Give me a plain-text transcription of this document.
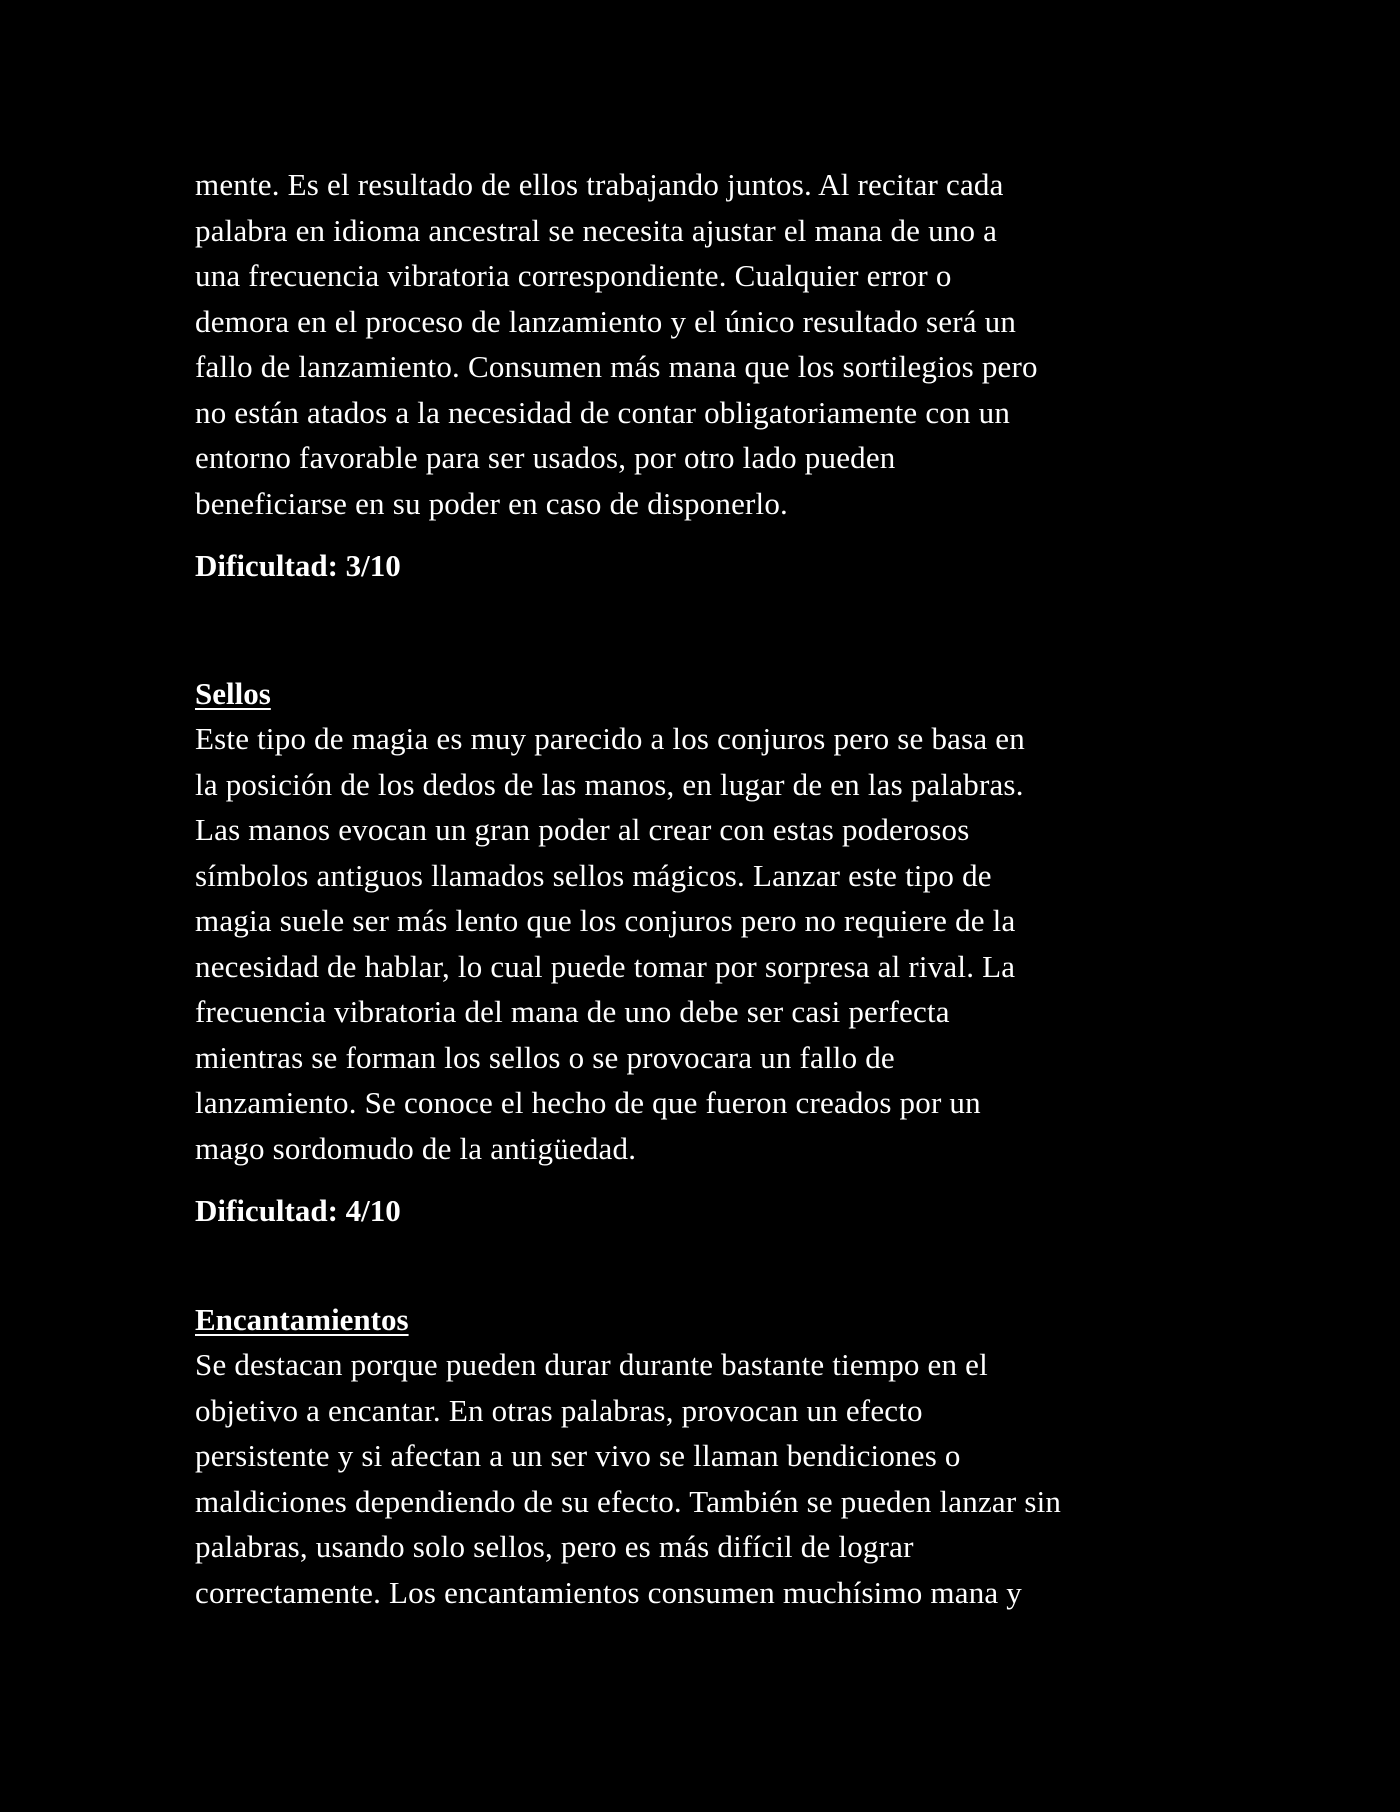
mente. Es el resultado de ellos trabajando juntos. Al recitar cada
palabra en idioma ancestral se necesita ajustar el mana de uno a
una frecuencia vibratoria correspondiente. Cualquier error o
demora en el proceso de lanzamiento y el único resultado será un
fallo de lanzamiento. Consumen más mana que los sortilegios pero
no están atados a la necesidad de contar obligatoriamente con un
entorno favorable para ser usados, por otro lado pueden
beneficiarse en su poder en caso de disponerlo.
Dificultad: 3/10
Sellos
Este tipo de magia es muy parecido a los conjuros pero se basa en
la posición de los dedos de las manos, en lugar de en las palabras.
Las manos evocan un gran poder al crear con estas poderosos
símbolos antiguos llamados sellos mágicos. Lanzar este tipo de
magia suele ser más lento que los conjuros pero no requiere de la
necesidad de hablar, lo cual puede tomar por sorpresa al rival. La
frecuencia vibratoria del mana de uno debe ser casi perfecta
mientras se forman los sellos o se provocara un fallo de
lanzamiento. Se conoce el hecho de que fueron creados por un
mago sordomudo de la antigüedad.
Dificultad: 4/10
Encantamientos
Se destacan porque pueden durar durante bastante tiempo en el
objetivo a encantar. En otras palabras, provocan un efecto
persistente y si afectan a un ser vivo se llaman bendiciones o
maldiciones dependiendo de su efecto. También se pueden lanzar sin
palabras, usando solo sellos, pero es más difícil de lograr
correctamente. Los encantamientos consumen muchísimo mana y
